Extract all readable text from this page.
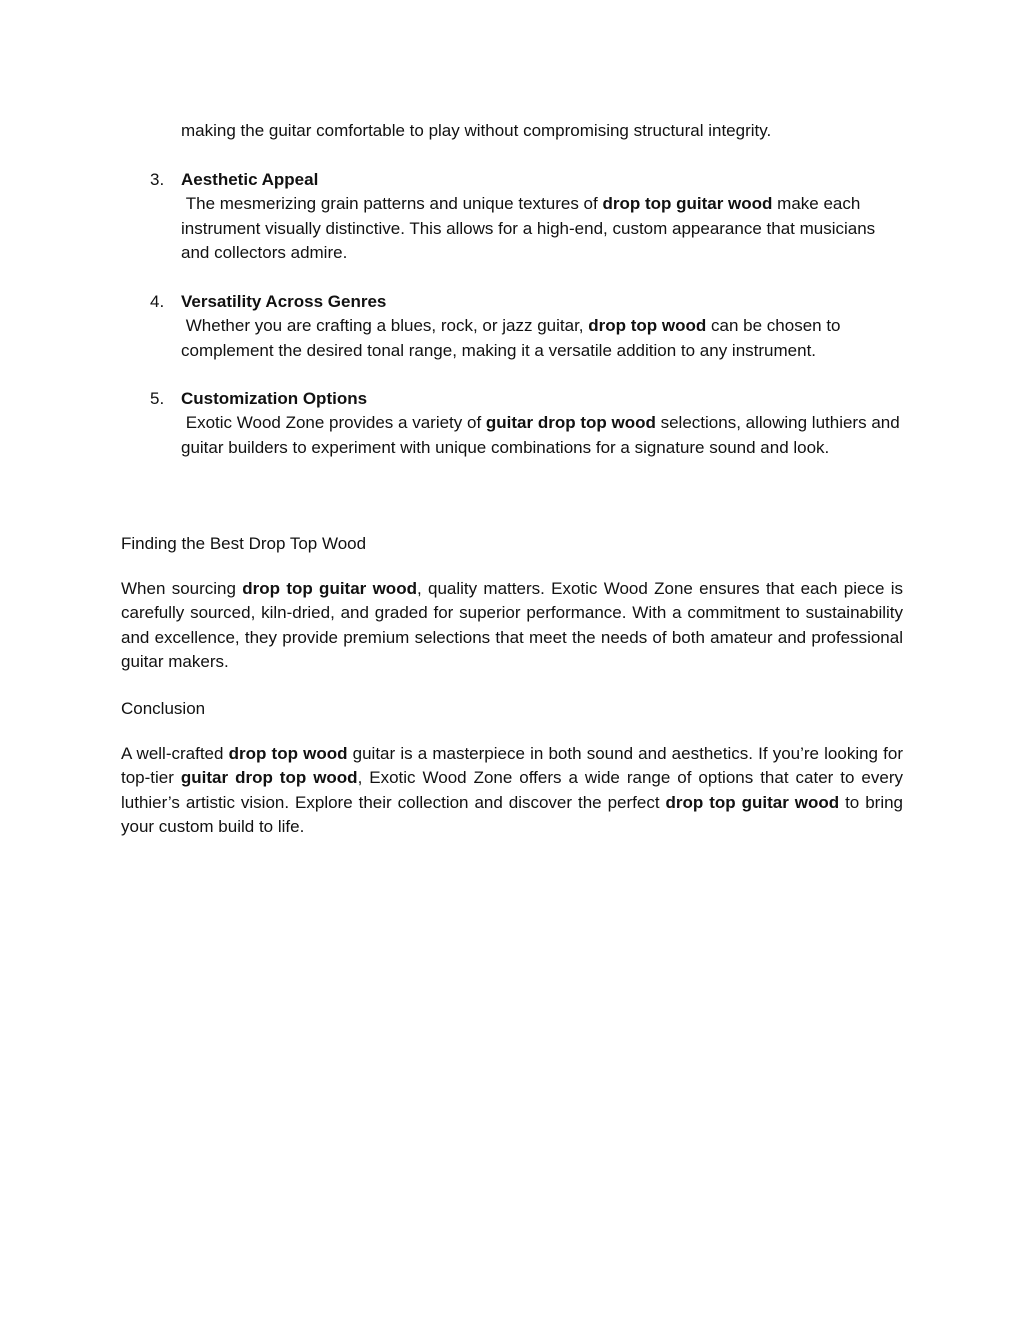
making the guitar comfortable to play without compromising structural integrity.

3. Aesthetic Appeal
The mesmerizing grain patterns and unique textures of drop top guitar wood make each instrument visually distinctive. This allows for a high-end, custom appearance that musicians and collectors admire.
4. Versatility Across Genres
Whether you are crafting a blues, rock, or jazz guitar, drop top wood can be chosen to complement the desired tonal range, making it a versatile addition to any instrument.
5. Customization Options
Exotic Wood Zone provides a variety of guitar drop top wood selections, allowing luthiers and guitar builders to experiment with unique combinations for a signature sound and look.
Finding the Best Drop Top Wood

When sourcing drop top guitar wood, quality matters. Exotic Wood Zone ensures that each piece is carefully sourced, kiln-dried, and graded for superior performance. With a commitment to sustainability and excellence, they provide premium selections that meet the needs of both amateur and professional guitar makers.

Conclusion

A well-crafted drop top wood guitar is a masterpiece in both sound and aesthetics. If you’re looking for top-tier guitar drop top wood, Exotic Wood Zone offers a wide range of options that cater to every luthier’s artistic vision. Explore their collection and discover the perfect drop top guitar wood to bring your custom build to life.
